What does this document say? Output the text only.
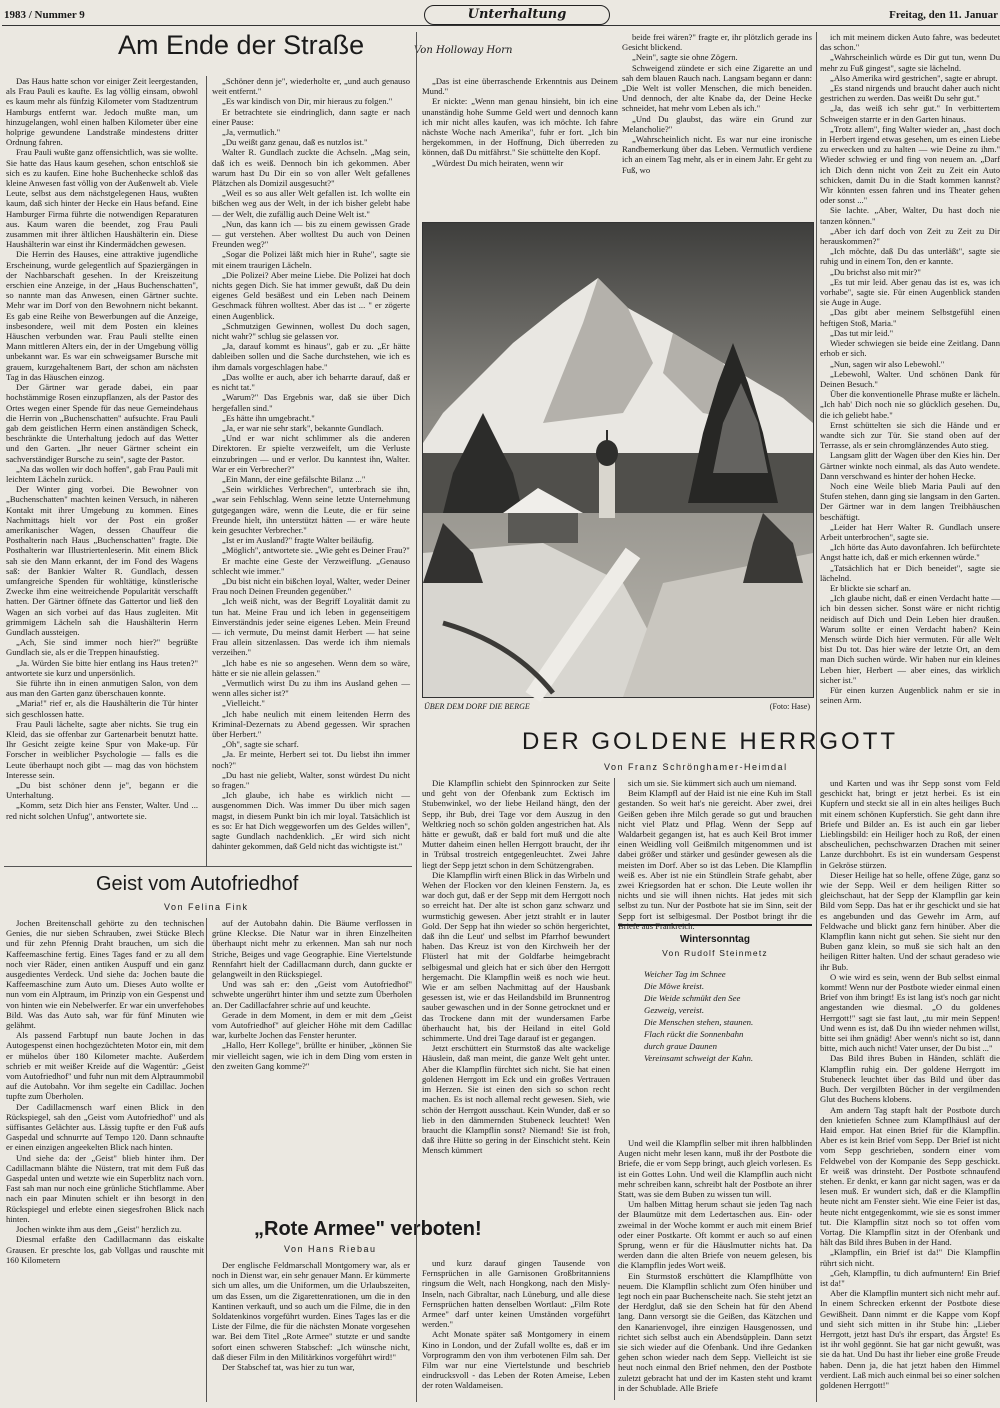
1983 / Nummer 9	Unterhaltung	Freitag, den 11. Januar
Am Ende der Straße	Von Holloway Horn

Das Haus hatte schon vor einiger Zeit leergestanden, als Frau Pauli es kaufte. Es lag völlig einsam, obwohl es kaum mehr als fünfzig Kilometer vom Stadtzentrum Hamburgs entfernt war. Jedoch mußte man, um hinzugelangen, wohl einen halben Kilometer über eine holprige gewundene Landstraße mindestens dritter Ordnung fahren.

Frau Pauli wußte ganz offensichtlich, was sie wollte. Sie hatte das Haus kaum gesehen, schon entschloß sie sich es zu kaufen. Eine hohe Buchenhecke schloß das kleine Anwesen fast völlig von der Außenwelt ab. Viele Leute, selbst aus dem nächstgelegenen Haus, wußten kaum, daß sich hinter der Hecke ein Haus befand. Eine Hamburger Firma führte die notwendigen Reparaturen aus. Kaum waren die beendet, zog Frau Pauli zusammen mit ihrer ältlichen Haushälterin ein. Diese Haushälterin war einst ihr Kindermädchen gewesen.

Die Herrin des Hauses, eine attraktive jugendliche Erscheinung, wurde gelegentlich auf Spaziergängen in der Nachbarschaft gesehen. In der Kreiszeitung erschien eine Anzeige, in der „Haus Buchenschatten", so nannte man das Anwesen, einen Gärtner suchte. Mehr war im Dorf von den Bewohnern nicht bekannt. Es gab eine Reihe von Bewerbungen auf die Anzeige, insbesondere, weil mit dem Posten ein kleines Häuschen verbunden war. Frau Pauli stellte einen Mann mittleren Alters ein, der in der Umgebung völlig unbekannt war. Es war ein schweigsamer Bursche mit grauem, kurzgehaltenem Bart, der schon am nächsten Tag in das Häuschen einzog.

Der Gärtner war gerade dabei, ein paar hochstämmige Rosen einzupflanzen, als der Pastor des Ortes wegen einer Spende für das neue Gemeindehaus die Herrin von „Buchenschatten" aufsuchte. Frau Pauli gab dem geistlichen Herrn einen anständigen Scheck, beschränkte die Unterhaltung jedoch auf das Wetter und den Garten. „Ihr neuer Gärtner scheint ein sachverständiger Bursche zu sein", sagte der Pastor.

„Na das wollen wir doch hoffen", gab Frau Pauli mit leichtem Lächeln zurück.

Der Winter ging vorbei. Die Bewohner von „Buchenschatten" machten keinen Versuch, in näheren Kontakt mit ihrer Umgebung zu kommen. Eines Nachmittags hielt vor der Post ein großer amerikanischer Wagen, dessen Chauffeur die Posthalterin nach Haus „Buchenschatten" fragte. Die Posthalterin war Illustriertenleserin. Mit einem Blick sah sie den Mann erkannt, der im Fond des Wagens saß: der Bankier Walter R. Gundlach, dessen umfangreiche Spenden für wohltätige, künstlerische Zwecke ihm eine weitreichende Popularität verschafft hatten. Der Gärtner öffnete das Gattertor und ließ den Wagen an sich vorbei auf das Haus zugleiten. Mit grimmigem Lächeln sah die Haushälterin Herrn Gundlach aussteigen.

„Ach, Sie sind immer noch hier?" begrüßte Gundlach sie, als er die Treppen hinaufstieg.

„Ja. Würden Sie bitte hier entlang ins Haus treten?" antwortete sie kurz und unpersönlich.

Sie führte ihn in einen anmutigen Salon, von dem aus man den Garten ganz überschauen konnte.

„Maria!" rief er, als die Haushälterin die Tür hinter sich geschlossen hatte.

Frau Pauli lächelte, sagte aber nichts. Sie trug ein Kleid, das sie offenbar zur Gartenarbeit benutzt hatte. Ihr Gesicht zeigte keine Spur von Make-up. Für Forscher in weiblicher Psychologie — falls es die Leute überhaupt noch gibt — mag das von höchstem Interesse sein.

„Du bist schöner denn je", begann er die Unterhaltung.

„Komm, setz Dich hier ans Fenster, Walter. Und ... red nicht solchen Unfug", antwortete sie.

„Schöner denn je", wiederholte er, „und auch genauso weit entfernt."

„Es war kindisch von Dir, mir hieraus zu folgen."

Er betrachtete sie eindringlich, dann sagte er nach einer Pause:

„Ja, vermutlich."

„Du weißt ganz genau, daß es nutzlos ist."

Walter R. Gundlach zuckte die Achseln. „Mag sein, daß ich es weiß. Dennoch bin ich gekommen. Aber warum hast Du Dir ein so von aller Welt gefallenes Plätzchen als Domizil ausgesucht?"

„Weil es so aus aller Welt gefallen ist. Ich wollte ein bißchen weg aus der Welt, in der ich bisher gelebt habe — der Welt, die zufällig auch Deine Welt ist."

„Nun, das kann ich — bis zu einem gewissen Grade — gut verstehen. Aber wolltest Du auch von Deinen Freunden weg?"

„Sogar die Polizei läßt mich hier in Ruhe", sagte sie mit einem traurigen Lächeln.

„Die Polizei? Aber meine Liebe. Die Polizei hat doch nichts gegen Dich. Sie hat immer gewußt, daß Du dein eigenes Geld besäßest und ein Leben nach Deinem Geschmack führen wolltest. Aber das ist ... " er zögerte einen Augenblick.

„Schmutzigen Gewinnen, wollest Du doch sagen, nicht wahr?" schlug sie gelassen vor.

„Ja, darauf kommt es hinaus", gab er zu. „Er hätte dableiben sollen und die Sache durchstehen, wie ich es ihm damals vorgeschlagen habe."

„Das wollte er auch, aber ich beharrte darauf, daß er es nicht tat."

„Warum?" Das Ergebnis war, daß sie über Dich hergefallen sind."

„Es hätte ihn umgebracht."

„Ja, er war nie sehr stark", bekannte Gundlach.

„Und er war nicht schlimmer als die anderen Direktoren. Er spielte verzweifelt, um die Verluste einzubringen — und er verlor. Du kanntest ihn, Walter. War er ein Verbrecher?"

„Ein Mann, der eine gefälschte Bilanz ..."

„Sein wirkliches Verbrechen", unterbrach sie ihn, „war sein Fehlschlag. Wenn seine letzte Unternehmung gutgegangen wäre, wenn die Leute, die er für seine Freunde hielt, ihn unterstützt hätten — er wäre heute kein gesuchter Verbrecher."

„Ist er im Ausland?" fragte Walter beiläufig.

„Möglich", antwortete sie. „Wie geht es Deiner Frau?"

Er machte eine Geste der Verzweiflung. „Genauso schlecht wie immer."

„Du bist nicht ein bißchen loyal, Walter, weder Deiner Frau noch Deinen Freunden gegenüber."

„Ich weiß nicht, was der Begriff Loyalität damit zu tun hat. Meine Frau und ich leben in gegenseitigem Einverständnis jeder seine eigenes Leben. Mein Freund — ich vermute, Du meinst damit Herbert — hat seine Frau allein sitzenlassen. Das werde ich ihm niemals verzeihen."

„Ich habe es nie so angesehen. Wenn dem so wäre, hätte er sie nie allein gelassen."

„Vermutlich wirst Du zu ihm ins Ausland gehen — wenn alles sicher ist?"

„Vielleicht."

„Ich habe neulich mit einem leitenden Herrn des Kriminal-Dezernats zu Abend gegessen. Wir sprachen über Herbert."

„Oh", sagte sie scharf.

„Ja. Er meinte, Herbert sei tot. Du liebst ihn immer noch?"

„Du hast nie geliebt, Walter, sonst würdest Du nicht so fragen."

„Ich glaube, ich habe es wirklich nicht — ausgenommen Dich. Was immer Du über mich sagen magst, in diesem Punkt bin ich mir loyal. Tatsächlich ist es so: Er hat Dich weggeworfen um des Geldes willen", sagte Gundlach nachdenklich. „Er wird sich nicht dahinter gekommen, daß Geld nicht das wichtigste ist."

„Das ist eine überraschende Erkenntnis aus Deinem Mund."

Er nickte: „Wenn man genau hinsieht, bin ich eine unanständig hohe Summe Geld wert und dennoch kann ich mir nicht alles kaufen, was ich möchte. Ich fahre nächste Woche nach Amerika", fuhr er fort. „Ich bin hergekommen, in der Hoffnung, Dich überreden zu können, daß Du mitfährst." Sie schüttelte den Kopf.

„Würdest Du mich heiraten, wenn wir

beide frei wären?" fragte er, ihr plötzlich gerade ins Gesicht blickend.

„Nein", sagte sie ohne Zögern.

Schweigend zündete er sich eine Zigarette an und sah dem blauen Rauch nach. Langsam begann er dann: „Die Welt ist voller Menschen, die mich beneiden. Und dennoch, der alte Knabe da, der Deine Hecke schneidet, hat mehr vom Leben als ich."

„Und Du glaubst, das wäre ein Grund zur Melancholie?"

„Wahrscheinlich nicht. Es war nur eine ironische Randbemerkung über das Leben. Vermutlich verdiene ich an einem Tag mehr, als er in einem Jahr. Er geht zu Fuß, wo

ich mit meinem dicken Auto fahre, was bedeutet das schon."

„Wahrscheinlich würde es Dir gut tun, wenn Du mehr zu Fuß gingest", sagte sie lächelnd.

„Also Amerika wird gestrichen", sagte er abrupt.

„Es stand nirgends und braucht daher auch nicht gestrichen zu werden. Das weißt Du sehr gut."

„Ja, das weiß ich sehr gut." In verbittertem Schweigen starrte er in den Garten hinaus.

„Trotz allem", fing Walter wieder an, „hast doch in Herbert irgend etwas gesehen, um es einen Liebe zu erwecken und zu halten — wie Deine zu ihm." Wieder schwieg er und fing von neuem an. „Darf ich Dich denn nicht von Zeit zu Zeit ein Auto schicken, damit Du in die Stadt kommen kannst? Wir könnten essen fahren und ins Theater gehen oder sonst ..."

Sie lachte. „Aber, Walter, Du hast doch nie tanzen können."

„Aber ich darf doch von Zeit zu Zeit zu Dir herauskommen?"

„Ich möchte, daß Du das unterläßt", sagte sie ruhig und in einem Ton, den er kannte.

„Du brichst also mit mir?"

„Es tut mir leid. Aber genau das ist es, was ich vorhabe", sagte sie. Für einen Augenblick standen sie Auge in Auge.

„Das gibt aber meinem Selbstgefühl einen heftigen Stoß, Maria."

„Das tut mir leid."

Wieder schwiegen sie beide eine Zeitlang. Dann erhob er sich.

„Nun, sagen wir also Lebewohl."

„Lebewohl, Walter. Und schönen Dank für Deinen Besuch."

Über die konventionelle Phrase mußte er lächeln. „Ich hab' Dich noch nie so glücklich gesehen. Du, die ich geliebt habe."

Ernst schüttelten sie sich die Hände und er wandte sich zur Tür. Sie stand oben auf der Terrasse, als er sein chromglänzendes Auto stieg.

Langsam glitt der Wagen über den Kies hin. Der Gärtner winkte noch einmal, als das Auto wendete. Dann verschwand es hinter der hohen Hecke.

Noch eine Weile blieb Maria Pauli auf den Stufen stehen, dann ging sie langsam in den Garten. Der Gärtner war in dem langen Treibhäuschen beschäftigt.

„Leider hat Herr Walter R. Gundlach unsere Arbeit unterbrochen", sagte sie.

„Ich hörte das Auto davonfahren. Ich befürchtete Angst hatte ich, daß er mich erkennen würde."

„Tatsächlich hat er Dich beneidet", sagte sie lächelnd.

Er blickte sie scharf an.

„Ich glaube nicht, daß er einen Verdacht hatte — ich bin dessen sicher. Sonst wäre er nicht richtig neidisch auf Dich und Dein Leben hier draußen. Warum sollte er einen Verdacht haben? Kein Mensch würde Dich hier vermuten. Für alle Welt bist Du tot. Das hier wäre der letzte Ort, an dem man Dich suchen würde. Wir haben nur ein kleines Leben hier, Herbert — aber eines, das wirklich sicher ist."

Für einen kurzen Augenblick nahm er sie in seinen Arm.

ÜBER DEM DORF DIE BERGE	(Foto: Hase)
DER GOLDENE HERRGOTT
Von Franz Schrönghamer-Heimdal

Die Klampflin schiebt den Spinnrocken zur Seite und geht von der Ofenbank zum Ecktisch im Stubenwinkel, wo der liebe Heiland hängt, den der Sepp, ihr Bub, drei Tage vor dem Auszug in den Weltkrieg noch so schön golden angestrichen hat. Als hätte er gewußt, daß er bald fort muß und die alte Mutter daheim einen hellen Herrgott braucht, der ihr in Trübsal trostreich entgegenleuchtet. Zwei Jahre liegt der Sepp jetzt schon in dem Schützengraben.

Die Klampflin wirft einen Blick in das Wirbeln und Wehen der Flocken vor den kleinen Fenstern. Ja, es war doch gut, daß er der Sepp mit dem Herrgott noch so erreicht hat. Der alte ist schon ganz schwarz und wurmstichig gewesen. Aber jetzt strahlt er in lauter Gold. Der Sepp hat ihn wieder so schön hergerichtet, daß ihn die Leut' und selbst im Pfarrhof bewundert haben. Das Kreuz ist von den Kirchweih her der Flüsterl hat mit der Goldfarbe heimgebracht selbigesmal und gleich hat er sich über den Herrgott hergemacht. Die Klampflin weiß es noch wie heut. Wie er am selben Nachmittag auf der Hausbank gesessen ist, wie er das Heilandsbild im Brunnentrog sauber gewaschen und in der Sonne getrocknet und er das Trockene dann mit der wundersamen Farbe überhaucht hat, bis der Heiland in eitel Gold schimmerte. Und drei Tage darauf ist er gegangen.

Jetzt erschüttert ein Sturmstoß das alte wackelige Häuslein, daß man meint, die ganze Welt geht unter. Aber die Klampflin fürchtet sich nicht. Sie hat einen goldenen Herrgott im Eck und ein großes Vertrauen im Herzen. Sie ist einen den sich so schon recht machen. Es ist noch allemal recht gewesen. Sieh, wie schön der Herrgott ausschaut. Kein Wunder, daß er so lieb in den dämmernden Stubeneck leuchtet! Wen braucht die Klampflin sonst? Niemand! Sie ist froh, daß ihre Hütte so gering in der Einschicht steht. Kein Mensch kümmert

sich um sie. Sie kümmert sich auch um niemand.

Beim Klampfl auf der Haid ist nie eine Kuh im Stall gestanden. So weit hat's nie gereicht. Aber zwei, drei Geißen geben ihre Milch gerade so gut und brauchen nicht viel Platz und Pflag. Wenn der Sepp auf Waldarbeit gegangen ist, hat es auch Keil Brot immer einen Weidling voll Geißmilch mitgenommen und ist dabei größer und stärker und gesünder gewesen als die meisten im Dorf. Aber so ist das Leben. Die Klampflin weiß es. Aber ist nie ein Stündlein Strafe gehabt, aber zwei Kriegsorden hat er schon. Die Leute wollen ihr nichts und sie will ihnen nichts. Hat jedes mit sich selbst zu tun. Nur der Postbote hat sie im Sinn, seit der Sepp fort ist selbigesmal. Der Postbot bringt ihr die Briefe aus Frankreich.

Und weil die Klampflin selber mit ihren halbblinden Augen nicht mehr lesen kann, muß ihr der Postbote die Briefe, die er vom Sepp bringt, auch gleich vorlesen. Es ist ein Gottes Lohn. Und weil die Klampflin auch nicht mehr schreiben kann, schreibt halt der Postbote an ihrer Statt, was sie dem Buben zu wissen tun will.

Um halben Mittag herum schaut sie jeden Tag nach der Blaumütze mit dem Ledertaschen aus. Ein- oder zweimal in der Woche kommt er auch mit einem Brief oder einer Postkarte. Oft kommt er auch so auf einen Sprung, wenn er für die Häuslmutter nichts hat. Da werden dann die alten Briefe von neuem gelesen, bis die Klampflin jedes Wort weiß.

Ein Sturmstoß erschüttert die Klampflhütte von neuem. Die Klampflin schlicht zum Ofen hinüber und legt noch ein paar Buchenscheite nach. Sie steht jetzt an der Herdglut, daß sie den Schein hat für den Abend lang. Dann versorgt sie die Geißen, das Kätzchen und den Kanarienvogel, ihre einzigen Hausgenossen, und richtet sich selbst auch ein Abendsüpplein. Dann setzt sie sich wieder auf die Ofenbank. Und ihre Gedanken gehen schon wieder nach dem Sepp. Vielleicht ist sie heut noch einmal den Brief nehmen, den der Postbote zuletzt gebracht hat und der im Kasten steht und kramt in der Schublade. Alle Briefe

und Karten und was ihr Sepp sonst vom Feld geschickt hat, bringt er jetzt herbei. Es ist ein Kupfern und steckt sie all in ein altes heiliges Buch mit einem schönen Kupferstich. Sie geht dann ihre Briefe und Bilder an. Es ist auch ein gar lieber Lieblingsbild: ein Heiliger hoch zu Roß, der einen abscheulichen, pechschwarzen Drachen mit seiner Lanze durchbohrt. Es ist ein wundersam Gespenst in Gekröse stürzen.

Dieser Heilige hat so helle, offene Züge, ganz so wie der Sepp. Weil er dem heiligen Ritter so gleichschaut, hat der Sepp der Klampflin gar kein Bild vom Sepp. Das hat er ihr geschickt und sie hat es angebunden und das Gewehr im Arm, auf Feldwache und blickt ganz fern hinüber. Aber die Klampflin kann nicht gut sehen. Sie sieht nur den Buben ganz klein, so muß sie sich halt an den heiligen Ritter halten. Und der schaut geradeso wie ihr Bub.

O wie wird es sein, wenn der Bub selbst einmal kommt! Wenn nur der Postbote wieder einmal einen Brief von ihm bringt! Es ist lang ist's noch gar nicht angestanden wie diesmal. „O du goldenes Herrgott!" sagt sie fast laut, „tu mir mein Seppen! Und wenn es ist, daß Du ihn wieder nehmen willst, bitte sei ihm gnädig! Aber wenn's nicht so ist, dann bitte, mich auch nicht! Vater unser, der Du bist ..."

Das Bild ihres Buben in Händen, schläft die Klampflin ruhig ein. Der goldene Herrgott im Stubeneck leuchtet über das Bild und über das Buch. Der vergilbten Bücher in der vergilmenden Glut des Buchens klobens.

Am andern Tag stapft halt der Postbote durch den knietiefen Schnee zum Klampflhäusl auf der Haid empor. Hat einen Brief für die Klampflin. Aber es ist kein Brief vom Sepp. Der Brief ist nicht vom Sepp geschrieben, sondern einer vom Feldwebel von der Kompanie des Sepp geschickt. Er weiß was drinsteht. Der Postbote schnaufend stehen. Er denkt, er kann gar nicht sagen, was er da lesen muß. Er wundert sich, daß er die Klampflin heute nicht am Fenster sieht. Wie eine Feier ist das, heute nicht entgegenkommt, wie sie es sonst immer tut. Die Klampflin sitzt noch so tot offen vom Vortag. Die Klampflin sitzt in der Ofenbank und hält das Bild ihres Buben in der Hand.

„Klampflin, ein Brief ist da!" Die Klampflin rührt sich nicht.

„Geh, Klampflin, tu dich aufmuntern! Ein Brief ist da!"

Aber die Klampflin muntert sich nicht mehr auf. In einem Schrecken erkennt der Postbote diese Gewißheit. Dann nimmt er die Kappe vom Kopf und sieht sich mitten in ihr Stube hin: „Lieber Herrgott, jetzt hast Du's ihr erspart, das Ärgste! Es ist ihr wohl gegönnt. Sie hat gar nicht gewußt, was sie da hat. Und Du hast ihr lieber eine große Freude haben. Denn ja, die hat jetzt haben den Himmel verdient. Laß mich auch einmal bei so einer solchen goldenen Herrgott!"

Wintersonntag
Von Rudolf Steinmetz
Weicher Tag im Schnee
Die Möwe kreist.
Die Weide schmükt den See
Gezweig, vereist.
Die Menschen stehen, staunen.
Flach rückt die Sonnenbahn
durch graue Daunen
Vereinsamt schweigt der Kahn.
Geist vom Autofriedhof
Von Felina Fink

Jochen Breitenschall gehörte zu den technischen Genies, die nur sieben Schrauben, zwei Stücke Blech und für zehn Pfennig Draht brauchen, um sich die Kaffeemaschine fertig. Eines Tages fand er zu all dem noch vier Räder, einen antiken Auspuff und ein ganz ausgedientes Verdeck. Und siehe da: Jochen baute die Kaffeemaschine zum Auto um. Dieses Auto wollte er nun vom ein Alptraum, im Prinzip von ein Gespenst und von hinten wie ein Nebelwerfer. Er war ein unverfehobes Bild. Was das Auto sah, war für fünf Minuten wie gelähmt.

Als passend Farbtupf nun baute Jochen in das Autogespenst einen hochgezüchteten Motor ein, mit dem er mühelos über 180 Kilometer machte. Außerdem schrieb er mit weißer Kreide auf die Wagentür: „Geist vom Autofriedhof" und fuhr nun mit dem Alptraummobil auf die Autobahn. Vor ihm segelte ein Cadillac. Jochen tupfte zum Überholen.

Der Cadillacmensch warf einen Blick in den Rückspiegel, sah den „Geist vom Autofriedhof" und als süffisantes Gelächter aus. Lässig tupfte er den Fuß aufs Gaspedal und schnurrte auf Tempo 120. Dann schnaufte er einen einzigen angeekelten Blick nach hinten.

Und siehe da: der „Geist" blieb hinter ihm. Der Cadillacmann blähte die Nüstern, trat mit dem Fuß das Gaspedal unten und wetzte wie ein Superblitz nach vorn. Fast sah man nur noch eine grünliche Stichflamme. Aber nach ein paar Minuten schielt er ihn besorgt in den Rückspiegel und erlebte einen siegesfrohen Blick nach hinten.

Jochen winkte ihm aus dem „Geist" herzlich zu.

Diesmal erfaßte den Cadillacmann das eiskalte Grausen. Er preschte los, gab Vollgas und rauschte mit 160 Kilometern

auf der Autobahn dahin. Die Bäume verflossen in grüne Kleckse. Die Natur war in ihren Einzelheiten überhaupt nicht mehr zu erkennen. Man sah nur noch Striche, Beiges und vage Geographie. Eine Viertelstunde Rennfahrt hielt der Cadillacmann durch, dann guckte er gelangweilt in den Rückspiegel.

Und was sah er: den „Geist vom Autofriedhof" schwebte ungerührt hinter ihm und setzte zum Überholen an. Der Cadillacfahrer schrie auf und keuchte.

Gerade in dem Moment, in dem er mit dem „Geist vom Autofriedhof" auf gleicher Höhe mit dem Cadillac war, kurbelte Jochen das Fenster herunter.

„Hallo, Herr Kollege", brüllte er hinüber, „können Sie mir vielleicht sagen, wie ich in dem Ding vom ersten in den zweiten Gang komme?"

„Rote Armee" verboten!
Von Hans Riebau

Der englische Feldmarschall Montgomery war, als er noch in Dienst war, ein sehr genauer Mann. Er kümmerte sich um alles, um die Uniformen, um die Urlaubszeiten, um das Essen, um die Zigarettenrationen, um die in den Kantinen verkauft, und so auch um die Filme, die in den Soldatenkinos vorgeführt wurden. Eines Tages las er die Liste der Filme, die für die nächsten Monate vorgesehen war. Bei dem Titel „Rote Armee" stutzte er und sandte sofort einen schweren Stabschef: „Ich wünsche nicht, daß dieser Film in den Militärkinos vorgeführt wird!"

Der Stabschef tat, was hier zu tun war,

und kurz darauf gingen Tausende von Fernsprüchen in alle Garnisonen Großbritanniens ringsum die Welt, nach Hongkong, nach den Misly-Inseln, nach Gibraltar, nach Lüneburg, und alle diese Fernsprüchen hatten denselben Wortlaut: „Film Rote Armee" darf unter keinen Umständen vorgeführt werden."

Acht Monate später saß Montgomery in einem Kino in London, und der Zufall wollte es, daß er im Vorprogramm den von ihm verbotenen Film sah. Der Film war nur eine Viertelstunde und beschrieb eindrucksvoll - das Leben der Roten Ameise, Leben der roten Waldameisen.
